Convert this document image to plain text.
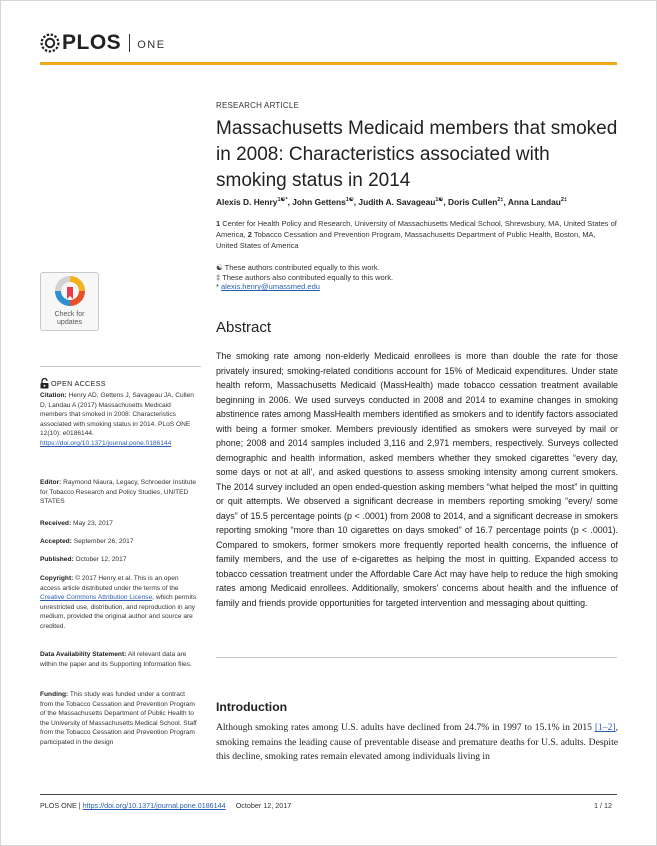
PLOS ONE
RESEARCH ARTICLE
Massachusetts Medicaid members that smoked in 2008: Characteristics associated with smoking status in 2014
Alexis D. Henry$^{1☯*}$, John Gettens$^{1☯}$, Judith A. Savageau$^{1☯}$, Doris Cullen$^{2\ddagger}$, Anna Landau$^{2\ddagger}$
1 Center for Health Policy and Research, University of Massachusetts Medical School, Shrewsbury, MA, United States of America, 2 Tobacco Cessation and Prevention Program, Massachusetts Department of Public Health, Boston, MA, United States of America
☯ These authors contributed equally to this work.
‡ These authors also contributed equally to this work.
* alexis.henry@umassmed.edu
Abstract
The smoking rate among non-elderly Medicaid enrollees is more than double the rate for those privately insured; smoking-related conditions account for 15% of Medicaid expenditures. Under state health reform, Massachusetts Medicaid (MassHealth) made tobacco cessation treatment available beginning in 2006. We used surveys conducted in 2008 and 2014 to examine changes in smoking abstinence rates among MassHealth members identified as smokers and to identify factors associated with being a former smoker. Members previously identified as smokers were surveyed by mail or phone; 2008 and 2014 samples included 3,116 and 2,971 members, respectively. Surveys collected demographic and health information, asked members whether they smoked cigarettes “every day, some days or not at all’, and asked questions to assess smoking intensity among current smokers. The 2014 survey included an open ended-question asking members “what helped the most” in quitting or quit attempts. We observed a significant decrease in members reporting smoking “every/ some days” of 15.5 percentage points (p < .0001) from 2008 to 2014, and a significant decrease in smokers reporting smoking “more than 10 cigarettes on days smoked” of 16.7 percentage points (p < .0001). Compared to smokers, former smokers more frequently reported health concerns, the influence of family members, and the use of e-cigarettes as helping the most in quitting. Expanded access to tobacco cessation treatment under the Affordable Care Act may have help to reduce the high smoking rates among Medicaid enrollees. Additionally, smokers’ concerns about health and the influence of family and friends provide opportunities for targeted intervention and messaging about quitting.
Introduction
Although smoking rates among U.S. adults have declined from 24.7% in 1997 to 15.1% in 2015 [1–2], smoking remains the leading cause of preventable disease and premature deaths for U.S. adults. Despite this decline, smoking rates remain elevated among individuals living in
Check for
updates
OPEN ACCESS
Citation: Henry AD, Gettens J, Savageau JA, Cullen D, Landau A (2017) Massachusetts Medicaid members that smoked in 2008: Characteristics associated with smoking status in 2014. PLoS ONE 12(10): e0186144. https://doi.org/10.1371/journal.pone.0186144
Editor: Raymond Niaura, Legacy, Schroeder Institute for Tobacco Research and Policy Studies, UNITED STATES
Received: May 23, 2017
Accepted: September 26, 2017
Published: October 12, 2017
Copyright: © 2017 Henry et al. This is an open access article distributed under the terms of the Creative Commons Attribution License, which permits unrestricted use, distribution, and reproduction in any medium, provided the original author and source are credited.
Data Availability Statement: All relevant data are within the paper and its Supporting Information files.
Funding: This study was funded under a contract from the Tobacco Cessation and Prevention Program of the Massachusetts Department of Public Health to the University of Massachusetts Medical School. Staff from the Tobacco Cessation and Prevention Program participated in the design
PLOS ONE | https://doi.org/10.1371/journal.pone.0186144 October 12, 2017	1 / 12
